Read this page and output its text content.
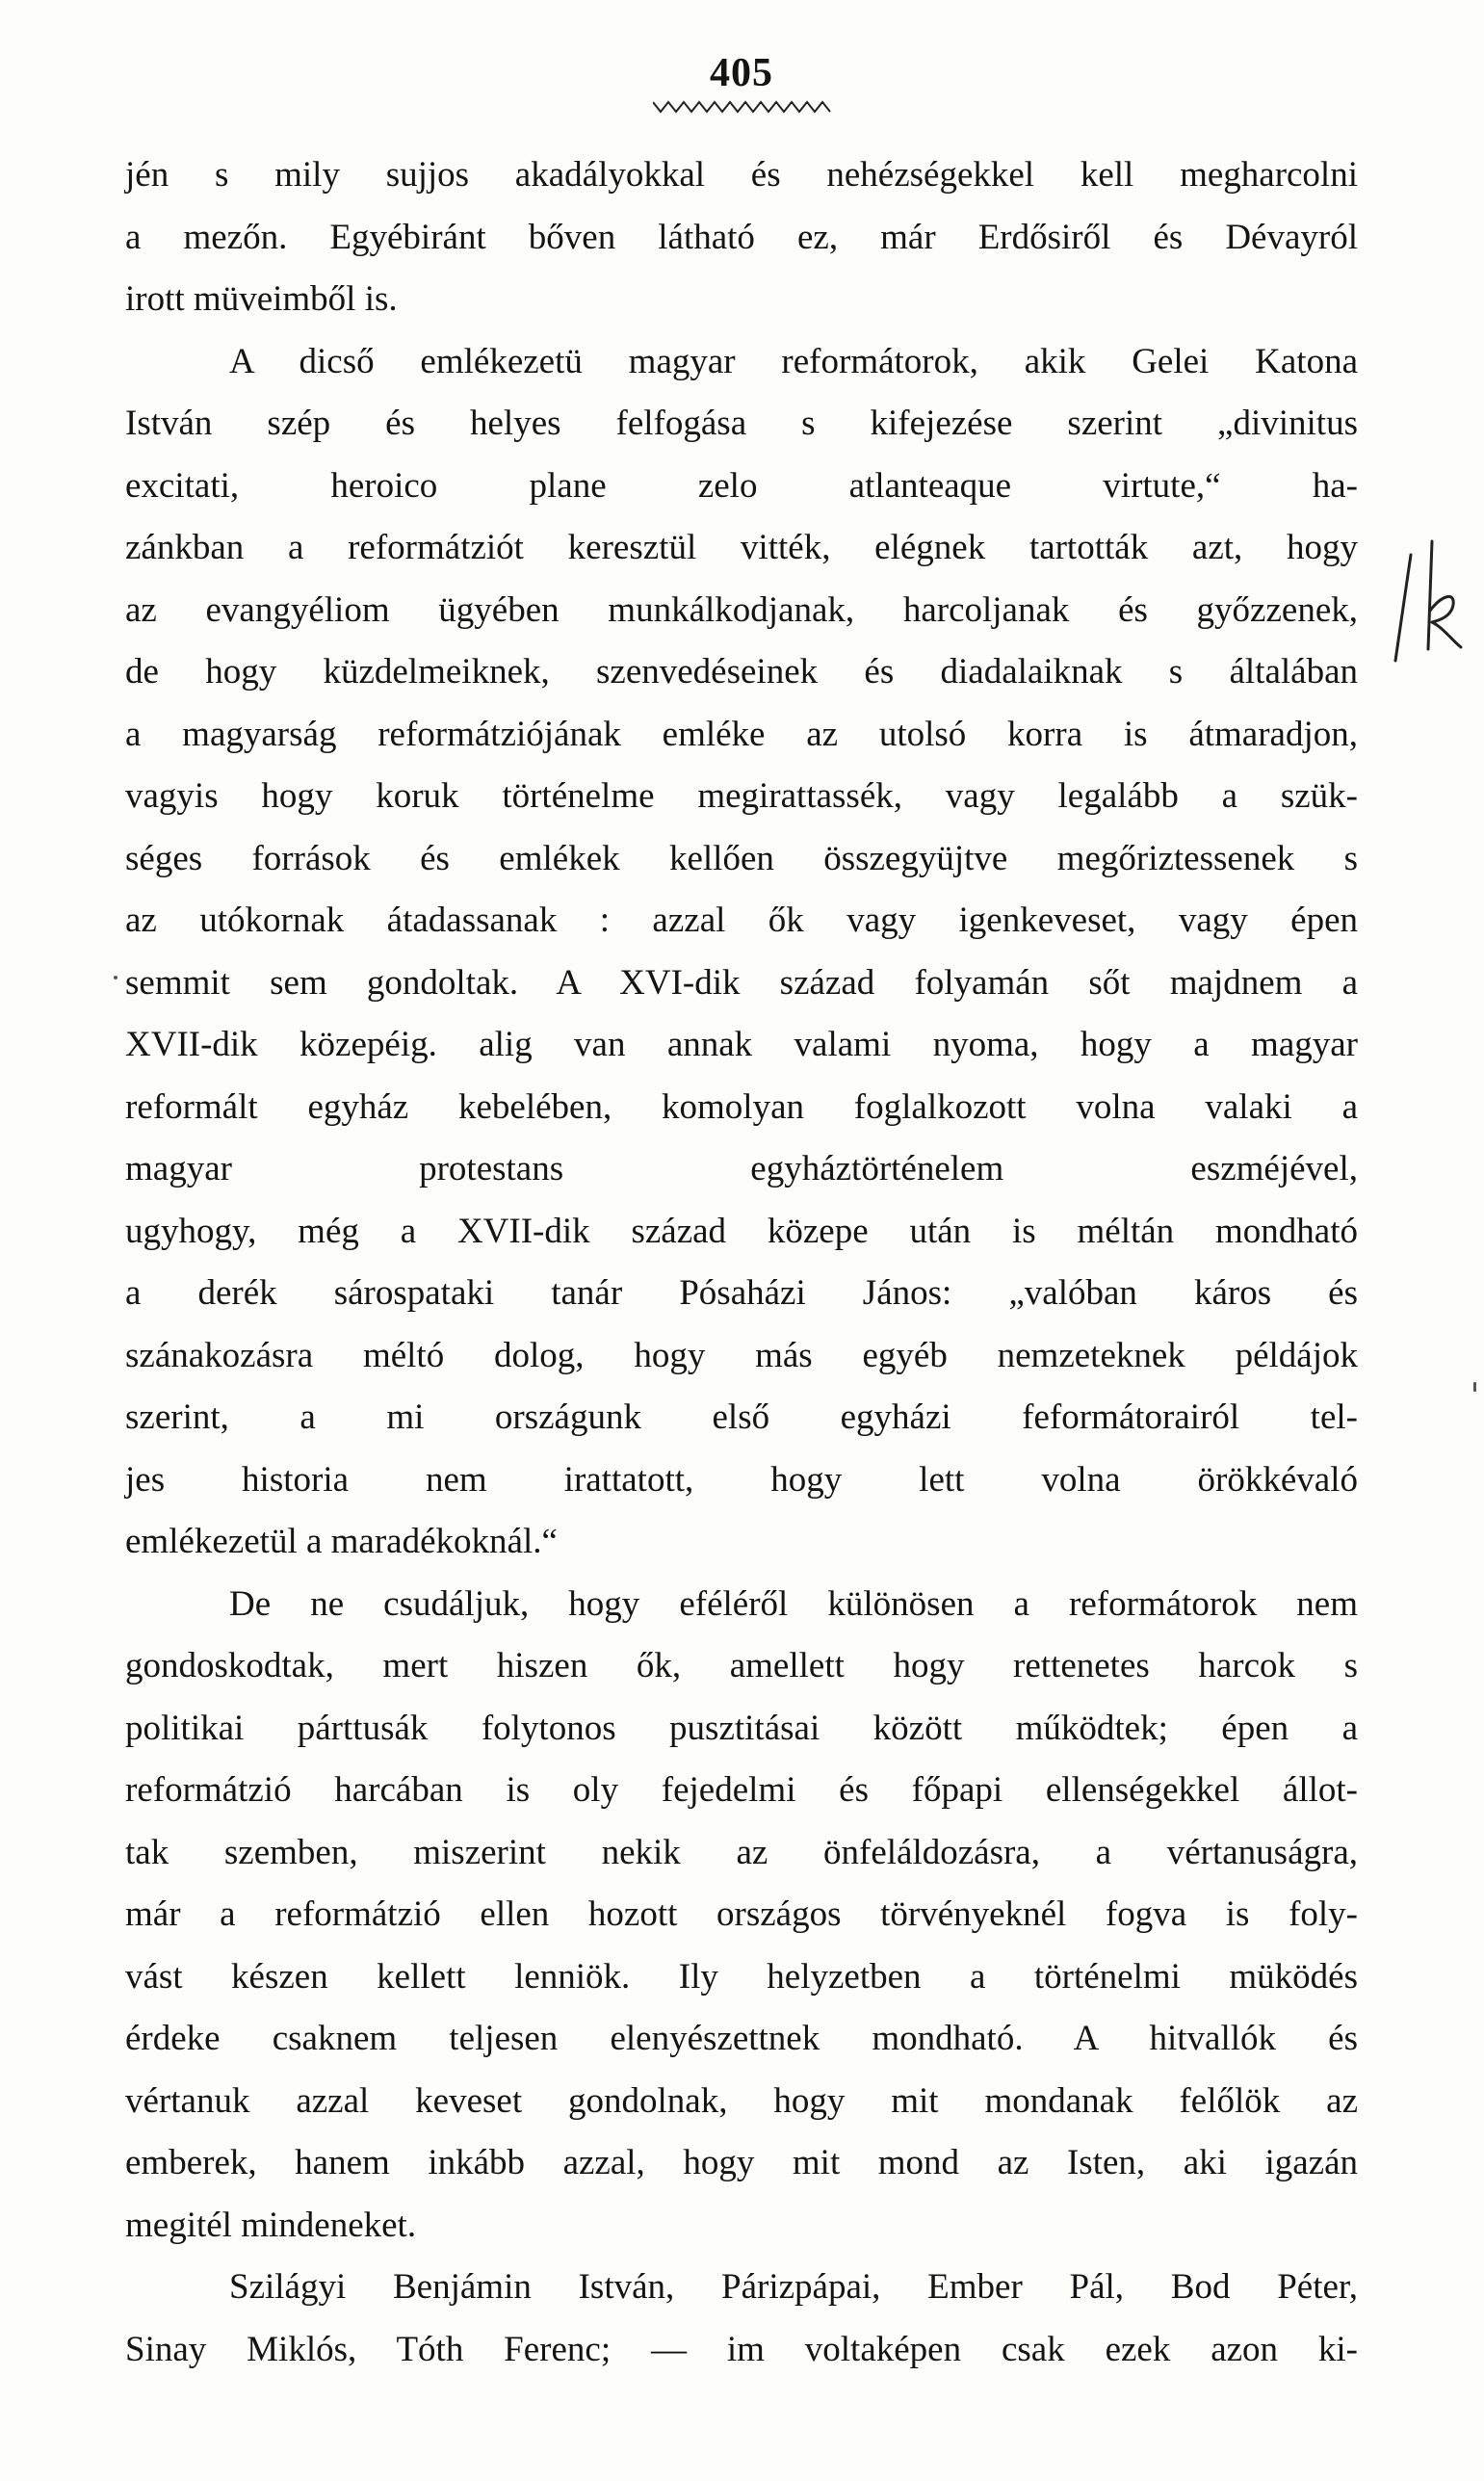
405
jén s mily sujjos akadályokkal és nehézségekkel kell megharcolni
a mezőn. Egyébiránt bőven látható ez, már Erdősiről és Dévayról
irott müveimből is.
A dicső emlékezetü magyar reformátorok, akik Gelei Katona
István szép és helyes felfogása s kifejezése szerint „divinitus
excitati, heroico plane zelo atlanteaque virtute,“ ha-
zánkban a reformátziót keresztül vitték, elégnek tartották azt, hogy
az evangyéliom ügyében munkálkodjanak, harcoljanak és győzzenek,
de hogy küzdelmeiknek, szenvedéseinek és diadalaiknak s általában
a magyarság reformátziójának emléke az utolsó korra is átmaradjon,
vagyis hogy koruk történelme megirattassék, vagy legalább a szük-
séges források és emlékek kellően összegyüjtve megőriztessenek s
az utókornak átadassanak : azzal ők vagy igenkeveset, vagy épen
semmit sem gondoltak. A XVI-dik század folyamán sőt majdnem a
XVII-dik közepéig. alig van annak valami nyoma, hogy a magyar
reformált egyház kebelében, komolyan foglalkozott volna valaki a
magyar protestans egyháztörténelem eszméjével,
ugyhogy, még a XVII-dik század közepe után is méltán mondható
a derék sárospataki tanár Pósaházi János: „valóban káros és
szánakozásra méltó dolog, hogy más egyéb nemzeteknek példájok
szerint, a mi országunk első egyházi feformátorairól tel-
jes historia nem irattatott, hogy lett volna örökkévaló
emlékezetül a maradékoknál.“
De ne csudáljuk, hogy eféléről különösen a reformátorok nem
gondoskodtak, mert hiszen ők, amellett hogy rettenetes harcok s
politikai párttusák folytonos pusztitásai között működtek; épen a
reformátzió harcában is oly fejedelmi és főpapi ellenségekkel állot-
tak szemben, miszerint nekik az önfeláldozásra, a vértanuságra,
már a reformátzió ellen hozott országos törvényeknél fogva is foly-
vást készen kellett lenniök. Ily helyzetben a történelmi müködés
érdeke csaknem teljesen elenyészettnek mondható. A hitvallók és
vértanuk azzal keveset gondolnak, hogy mit mondanak felőlök az
emberek, hanem inkább azzal, hogy mit mond az Isten, aki igazán
megitél mindeneket.
Szilágyi Benjámin István, Párizpápai, Ember Pál, Bod Péter,
Sinay Miklós, Tóth Ferenc; — im voltaképen csak ezek azon ki-
